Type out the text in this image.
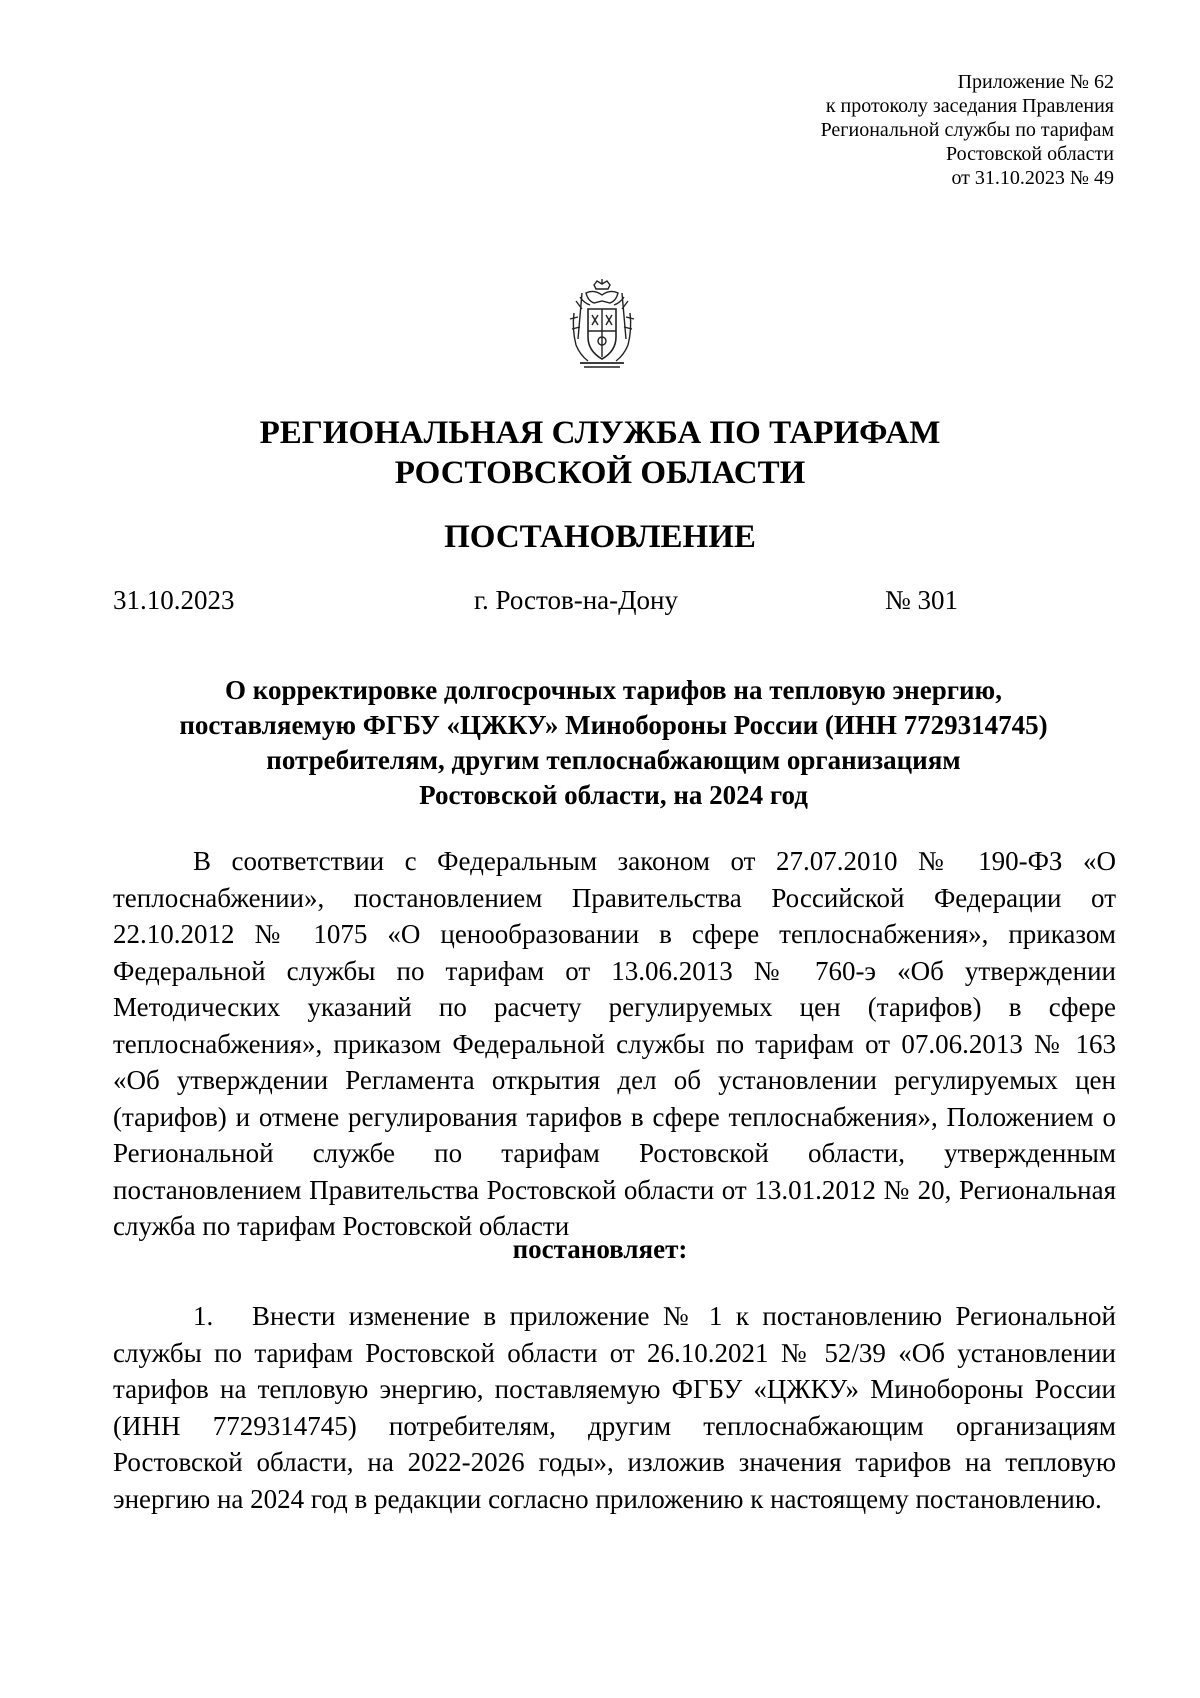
Приложение № 62
к протоколу заседания Правления
Региональной службы по тарифам
Ростовской области
от 31.10.2023 № 49
РЕГИОНАЛЬНАЯ СЛУЖБА ПО ТАРИФАМ
РОСТОВСКОЙ ОБЛАСТИ
ПОСТАНОВЛЕНИЕ
31.10.2023	г. Ростов-на-Дону	№ 301
О корректировке долгосрочных тарифов на тепловую энергию,
поставляемую ФГБУ «ЦЖКУ» Минобороны России (ИНН 7729314745)
потребителям, другим теплоснабжающим организациям
Ростовской области, на 2024 год
В соответствии с Федеральным законом от 27.07.2010 № 190-ФЗ «О теплоснабжении», постановлением Правительства Российской Федерации от 22.10.2012 № 1075 «О ценообразовании в сфере теплоснабжения», приказом Федеральной службы по тарифам от 13.06.2013 № 760-э «Об утверждении Методических указаний по расчету регулируемых цен (тарифов) в сфере теплоснабжения», приказом Федеральной службы по тарифам от 07.06.2013 № 163 «Об утверждении Регламента открытия дел об установлении регулируемых цен (тарифов) и отмене регулирования тарифов в сфере теплоснабжения», Положением о Региональной службе по тарифам Ростовской области, утвержденным постановлением Правительства Ростовской области от 13.01.2012 № 20, Региональная служба по тарифам Ростовской области
постановляет:
1. Внести изменение в приложение № 1 к постановлению Региональной службы по тарифам Ростовской области от 26.10.2021 № 52/39 «Об установлении тарифов на тепловую энергию, поставляемую ФГБУ «ЦЖКУ» Минобороны России (ИНН 7729314745) потребителям, другим теплоснабжающим организациям Ростовской области, на 2022-2026 годы», изложив значения тарифов на тепловую энергию на 2024 год в редакции согласно приложению к настоящему постановлению.
